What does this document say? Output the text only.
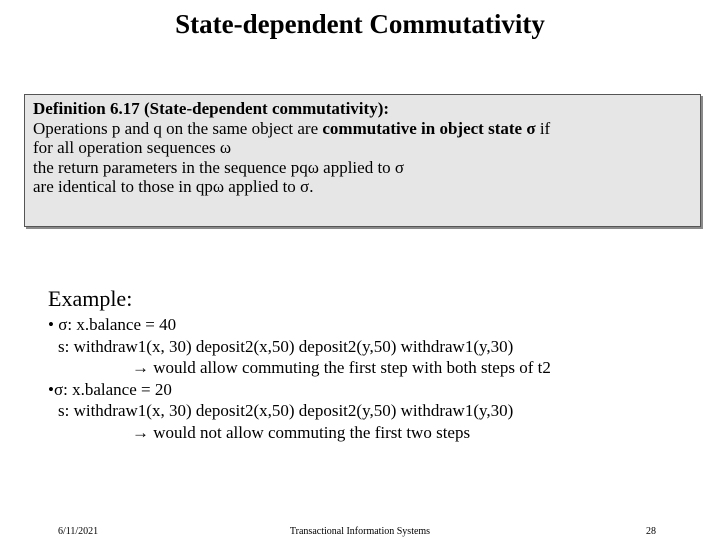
State-dependent Commutativity
Definition 6.17 (State-dependent commutativity):
Operations p and q on the same object are commutative in object state σ if
for all operation sequences ω
the return parameters in the sequence pqω applied to σ
are identical to those in qpω applied to σ.
Example:
• σ: x.balance = 40
s: withdraw1(x, 30) deposit2(x,50) deposit2(y,50) withdraw1(y,30)
→ would allow commuting the first step with both steps of t2
•σ: x.balance = 20
s: withdraw1(x, 30) deposit2(x,50) deposit2(y,50) withdraw1(y,30)
→ would not allow commuting the first two steps
6/11/2021	Transactional Information Systems	28
